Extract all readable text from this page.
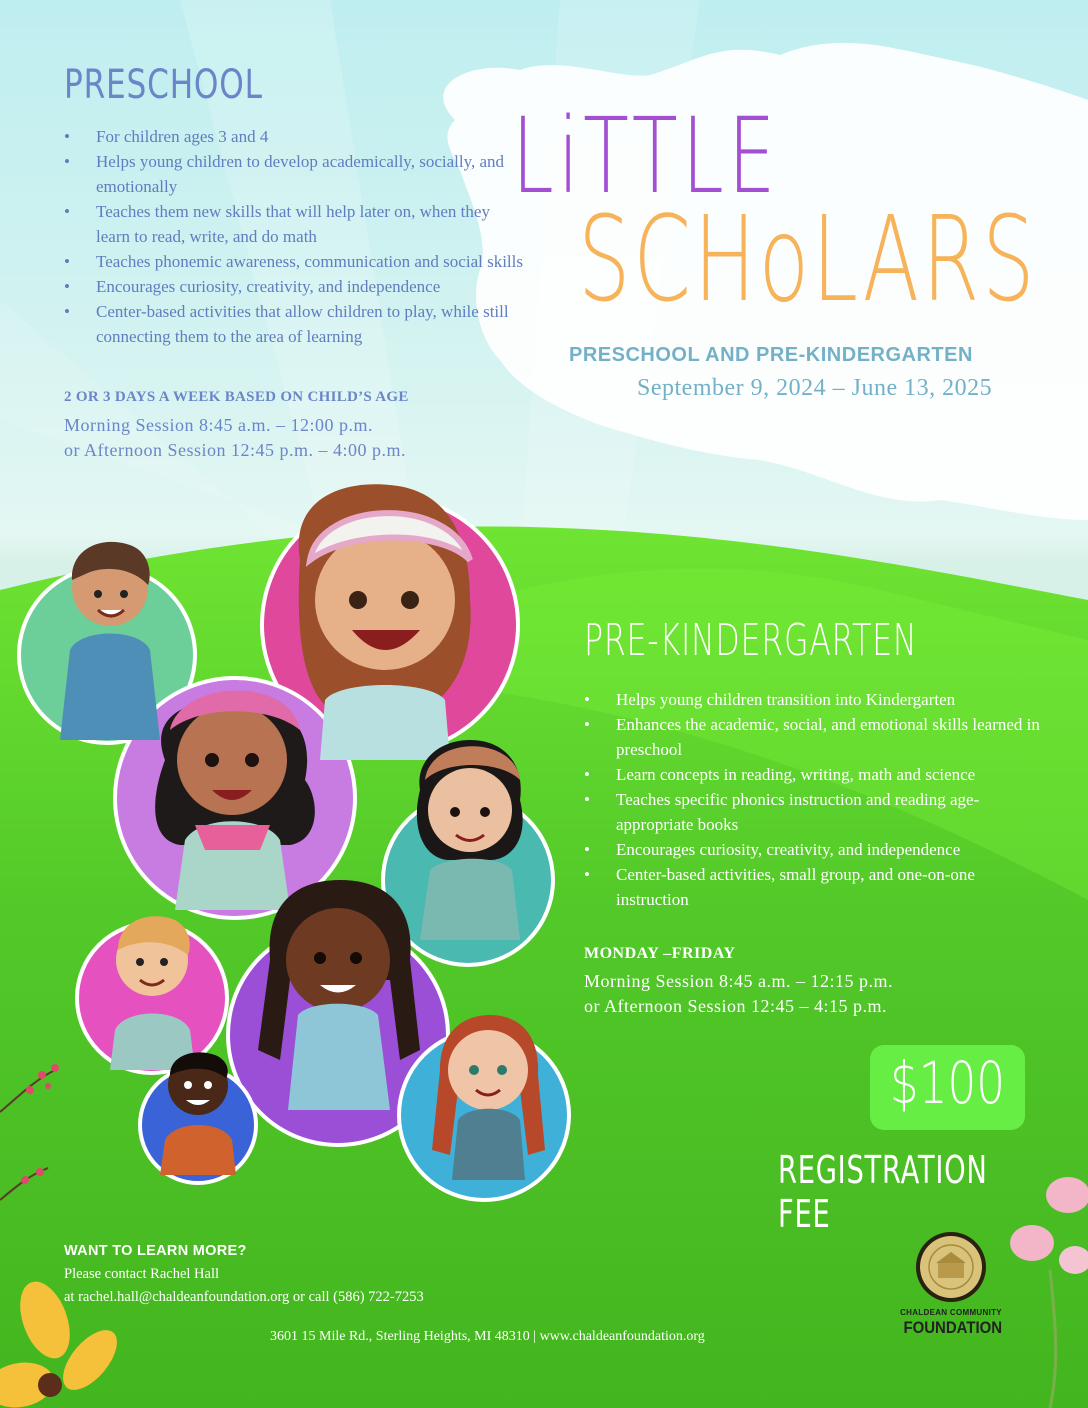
PRESCHOOL
• For children ages 3 and 4
• Helps young children to develop academically, socially, and emotionally
• Teaches them new skills that will help later on, when they learn to read, write, and do math
• Teaches phonemic awareness, communication and social skills
• Encourages curiosity, creativity, and independence
• Center-based activities that allow children to play, while still connecting them to the area of learning
2 OR 3 DAYS A WEEK BASED ON CHILD’S AGE
Morning Session 8:45 a.m. – 12:00 p.m.
or Afternoon Session 12:45 p.m. – 4:00 p.m.
LiTTLE
SCHoLARS
PRESCHOOL AND PRE-KINDERGARTEN
September 9, 2024 – June 13, 2025
PRE-KINDERGARTEN
• Helps young children transition into Kindergarten
• Enhances the academic, social, and emotional skills learned in preschool
• Learn concepts in reading, writing, math and science
• Teaches specific phonics instruction and reading age-appropriate books
• Encourages curiosity, creativity, and independence
• Center-based activities, small group, and one-on-one instruction
MONDAY –FRIDAY
Morning Session 8:45 a.m. – 12:15 p.m.
or Afternoon Session 12:45 – 4:15 p.m.
$100
REGISTRATION FEE
WANT TO LEARN MORE?
Please contact Rachel Hall
at rachel.hall@chaldeanfoundation.org or call (586) 722-7253
3601 15 Mile Rd., Sterling Heights, MI 48310 | www.chaldeanfoundation.org
CHALDEAN COMMUNITY
FOUNDATION
